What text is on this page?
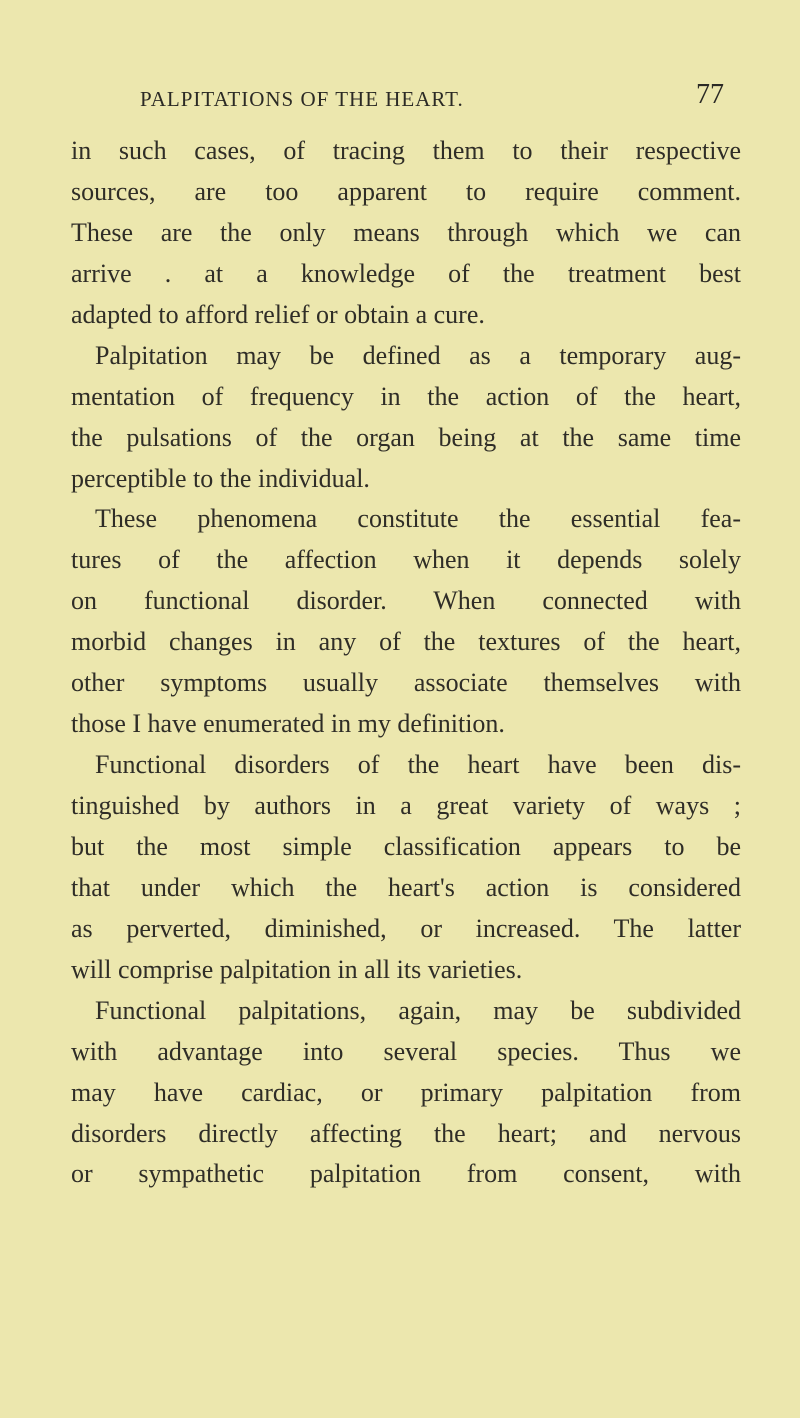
PALPITATIONS OF THE HEART.	77
in such cases, of tracing them to their respective
sources, are too apparent to require comment.
These are the only means through which we can
arrive . at a knowledge of the treatment best
adapted to afford relief or obtain a cure.
Palpitation may be defined as a temporary aug-
mentation of frequency in the action of the heart,
the pulsations of the organ being at the same time
perceptible to the individual.
These phenomena constitute the essential fea-
tures of the affection when it depends solely
on functional disorder. When connected with
morbid changes in any of the textures of the heart,
other symptoms usually associate themselves with
those I have enumerated in my definition.
Functional disorders of the heart have been dis-
tinguished by authors in a great variety of ways ;
but the most simple classification appears to be
that under which the heart's action is considered
as perverted, diminished, or increased. The latter
will comprise palpitation in all its varieties.
Functional palpitations, again, may be subdivided
with advantage into several species. Thus we
may have cardiac, or primary palpitation from
disorders directly affecting the heart; and nervous
or sympathetic palpitation from consent, with
